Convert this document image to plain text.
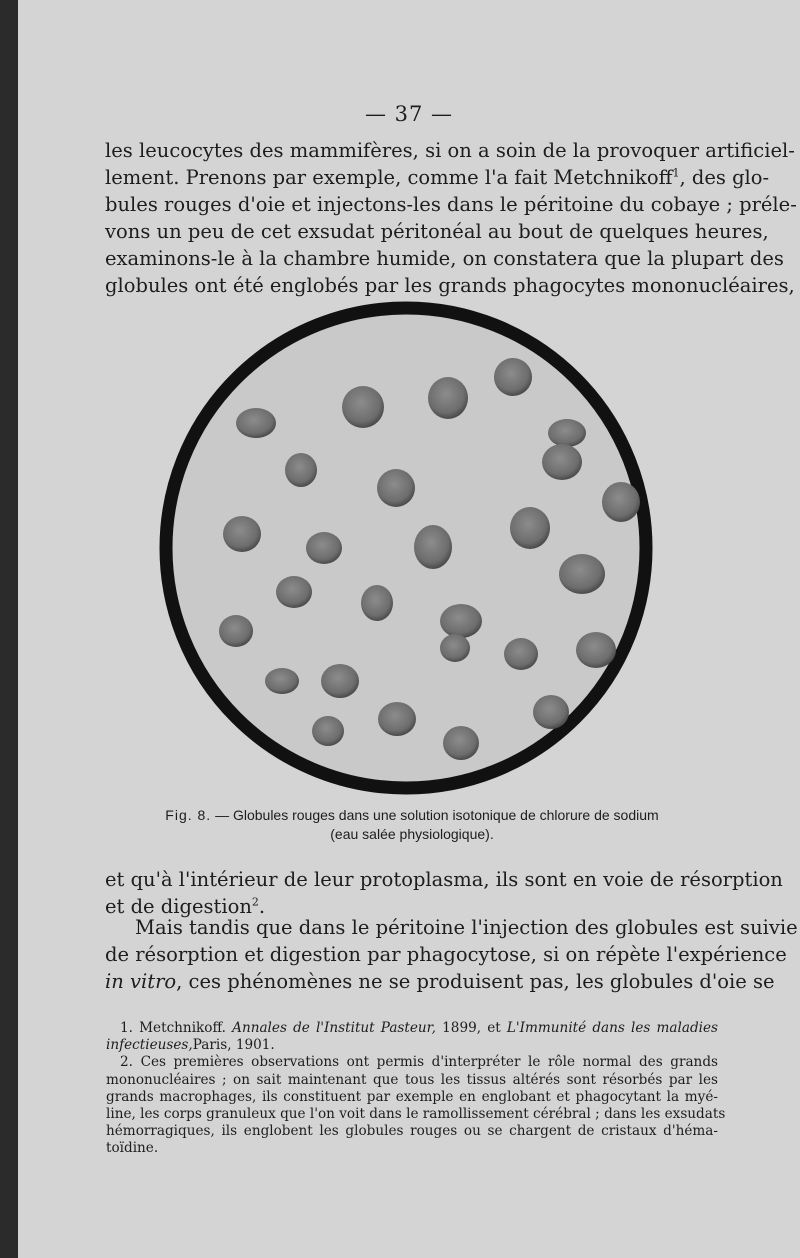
— 37 —
les leucocytes des mammifères, si on a soin de la provoquer artificiel-
lement. Prenons par exemple, comme l'a fait Metchnikoff$^1$, des glo-
bules rouges d'oie et injectons-les dans le péritoine du cobaye ; préle-
vons un peu de cet exsudat péritonéal au bout de quelques heures,
examinons-le à la chambre humide, on constatera que la plupart des
globules ont été englobés par les grands phagocytes mononucléaires,
Fig. 8. — Globules rouges dans une solution isotonique de chlorure de sodium
(eau salée physiologique).
et qu'à l'intérieur de leur protoplasma, ils sont en voie de résorption
et de digestion$^2$.
Mais tandis que dans le péritoine l'injection des globules est suivie
de résorption et digestion par phagocytose, si on répète l'expérience
in vitro, ces phénomènes ne se produisent pas, les globules d'oie se
1. Metchnikoff. Annales de l'Institut Pasteur, 1899, et L'Immunité dans les maladies
infectieuses,Paris, 1901.
2. Ces premières observations ont permis d'interpréter le rôle normal des grands
mononucléaires ; on sait maintenant que tous les tissus altérés sont résorbés par les
grands macrophages, ils constituent par exemple en englobant et phagocytant la myé-
line, les corps granuleux que l'on voit dans le ramollissement cérébral ; dans les exsudats
hémorragiques, ils englobent les globules rouges ou se chargent de cristaux d'héma-
toïdine.
